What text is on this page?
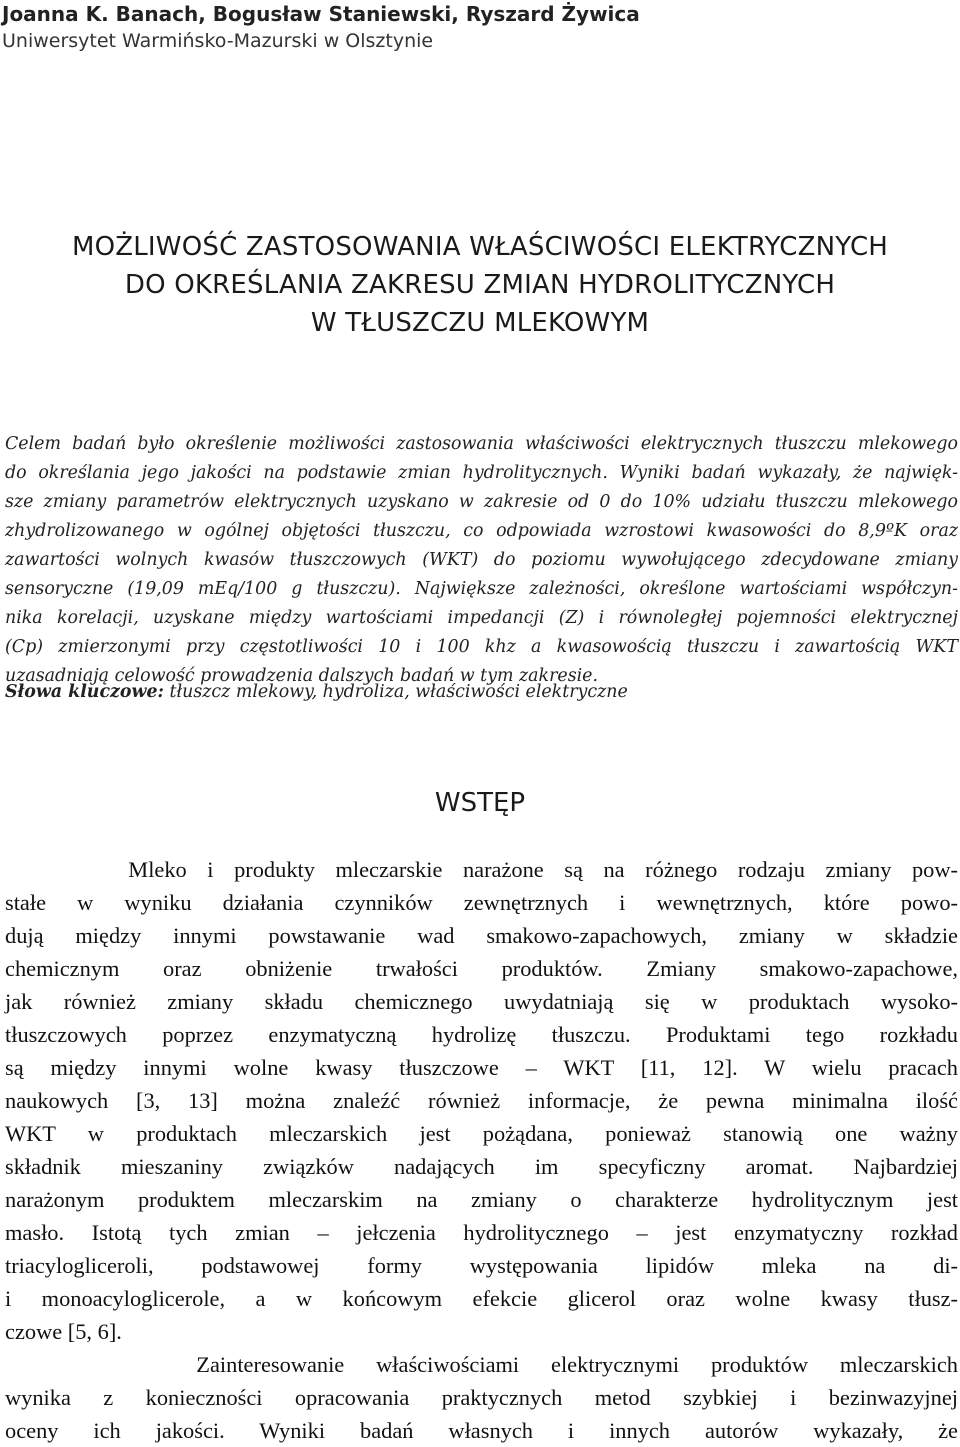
Joanna K. Banach, Bogusław Staniewski, Ryszard Żywica
Uniwersytet Warmińsko-Mazurski w Olsztynie
MOŻLIWOŚĆ ZASTOSOWANIA WŁAŚCIWOŚCI ELEKTRYCZNYCH
DO OKREŚLANIA ZAKRESU ZMIAN HYDROLITYCZNYCH
W TŁUSZCZU MLEKOWYM
Celem badań było określenie możliwości zastosowania właściwości elektrycznych tłuszczu mlekowego
do określania jego jakości na podstawie zmian hydrolitycznych. Wyniki badań wykazały, że najwięk-
sze zmiany parametrów elektrycznych uzyskano w zakresie od 0 do 10% udziału tłuszczu mlekowego
zhydrolizowanego w ogólnej objętości tłuszczu, co odpowiada wzrostowi kwasowości do 8,9ºK oraz
zawartości wolnych kwasów tłuszczowych (WKT) do poziomu wywołującego zdecydowane zmiany
sensoryczne (19,09 mEq/100 g tłuszczu). Największe zależności, określone wartościami współczyn-
nika korelacji, uzyskane między wartościami impedancji (Z) i równoległej pojemności elektrycznej
(Cp) zmierzonymi przy częstotliwości 10 i 100 khz a kwasowością tłuszczu i zawartością WKT
uzasadniają celowość prowadzenia dalszych badań w tym zakresie.
Słowa kluczowe: tłuszcz mlekowy, hydroliza, właściwości elektryczne
WSTĘP
Mleko i produkty mleczarskie narażone są na różnego rodzaju zmiany pow-
stałe w wyniku działania czynników zewnętrznych i wewnętrznych, które powo-
dują między innymi powstawanie wad smakowo-zapachowych, zmiany w składzie
chemicznym oraz obniżenie trwałości produktów. Zmiany smakowo-zapachowe,
jak również zmiany składu chemicznego uwydatniają się w produktach wysoko-
tłuszczowych poprzez enzymatyczną hydrolizę tłuszczu. Produktami tego rozkładu
są między innymi wolne kwasy tłuszczowe – WKT [11, 12]. W wielu pracach
naukowych [3, 13] można znaleźć również informacje, że pewna minimalna ilość
WKT w produktach mleczarskich jest pożądana, ponieważ stanowią one ważny
składnik mieszaniny związków nadających im specyficzny aromat. Najbardziej
narażonym produktem mleczarskim na zmiany o charakterze hydrolitycznym jest
masło. Istotą tych zmian – jełczenia hydrolitycznego – jest enzymatyczny rozkład
triacylogliceroli, podstawowej formy występowania lipidów mleka na di-
i monoacyloglicerole, a w końcowym efekcie glicerol oraz wolne kwasy tłusz-
czowe [5, 6].
Zainteresowanie właściwościami elektrycznymi produktów mleczarskich
wynika z konieczności opracowania praktycznych metod szybkiej i bezinwazyjnej
oceny ich jakości. Wyniki badań własnych i innych autorów wykazały, że
